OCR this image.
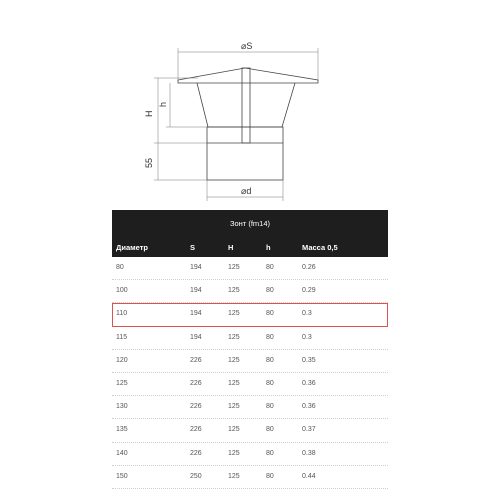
⌀S
⌀d
H
h
55
Зонт (fm14)
Диаметр	S	H	h	Масса 0,5
80	194	125	80	0.26
100	194	125	80	0.29
110	194	125	80	0.3
115	194	125	80	0.3
120	226	125	80	0.35
125	226	125	80	0.36
130	226	125	80	0.36
135	226	125	80	0.37
140	226	125	80	0.38
150	250	125	80	0.44
